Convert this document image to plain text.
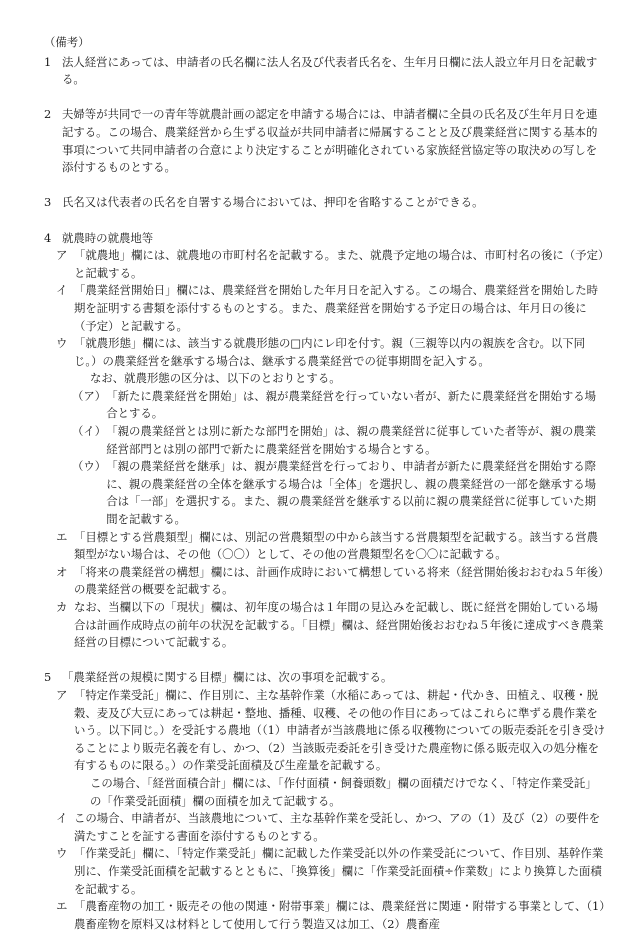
（備考）
1 法人経営にあっては、申請者の氏名欄に法人名及び代表者氏名を、生年月日欄に法人設立年月日を記載する。
2 夫婦等が共同で一の青年等就農計画の認定を申請する場合には、申請者欄に全員の氏名及び生年月日を連記する。この場合、農業経営から生ずる収益が共同申請者に帰属することと及び農業経営に関する基本的事項について共同申請者の合意により決定することが明確化されている家族経営協定等の取決めの写しを添付するものとする。
3 氏名又は代表者の氏名を自署する場合においては、押印を省略することができる。
4 就農時の就農地等
ア 「就農地」欄には、就農地の市町村名を記載する。また、就農予定地の場合は、市町村名の後に（予定）と記載する。
イ 「農業経営開始日」欄には、農業経営を開始した年月日を記入する。この場合、農業経営を開始した時期を証明する書類を添付するものとする。また、農業経営を開始する予定日の場合は、年月日の後に（予定）と記載する。
ウ 「就農形態」欄には、該当する就農形態の□内にレ印を付す。親（三親等以内の親族を含む。以下同じ。）の農業経営を継承する場合は、継承する農業経営での従事期間を記入する。
なお、就農形態の区分は、以下のとおりとする。
（ア） 「新たに農業経営を開始」は、親が農業経営を行っていない者が、新たに農業経営を開始する場合とする。
（イ） 「親の農業経営とは別に新たな部門を開始」は、親の農業経営に従事していた者等が、親の農業経営部門とは別の部門で新たに農業経営を開始する場合とする。
（ウ） 「親の農業経営を継承」は、親が農業経営を行っており、申請者が新たに農業経営を開始する際に、親の農業経営の全体を継承する場合は「全体」を選択し、親の農業経営の一部を継承する場合は「一部」を選択する。また、親の農業経営を継承する以前に親の農業経営に従事していた期間を記載する。
エ 「目標とする営農類型」欄には、別記の営農類型の中から該当する営農類型を記載する。該当する営農類型がない場合は、その他（〇〇）として、その他の営農類型名を〇〇に記載する。
オ 「将来の農業経営の構想」欄には、計画作成時において構想している将来（経営開始後おおむね５年後）の農業経営の概要を記載する。
カ なお、当欄以下の「現状」欄は、初年度の場合は１年間の見込みを記載し、既に経営を開始している場合は計画作成時点の前年の状況を記載する。「目標」欄は、経営開始後おおむね５年後に達成すべき農業経営の目標について記載する。
5 「農業経営の規模に関する目標」欄には、次の事項を記載する。
ア 「特定作業受託」欄に、作目別に、主な基幹作業（水稲にあっては、耕起・代かき、田植え、収穫・脱穀、麦及び大豆にあっては耕起・整地、播種、収穫、その他の作目にあってはこれらに準ずる農作業をいう。以下同じ。）を受託する農地（（1）申請者が当該農地に係る収穫物についての販売委託を引き受けることにより販売名義を有し、かつ、（2）当該販売委託を引き受けた農産物に係る販売収入の処分権を有するものに限る。）の作業受託面積及び生産量を記載する。
この場合、「経営面積合計」欄には、「作付面積・飼養頭数」欄の面積だけでなく、「特定作業受託」の「作業受託面積」欄の面積を加えて記載する。
イ この場合、申請者が、当該農地について、主な基幹作業を受託し、かつ、アの（1）及び（2）の要件を満たすことを証する書面を添付するものとする。
ウ 「作業受託」欄に、「特定作業受託」欄に記載した作業受託以外の作業受託について、作目別、基幹作業別に、作業受託面積を記載するとともに、「換算後」欄に「作業受託面積÷作業数」により換算した面積を記載する。
エ 「農畜産物の加工・販売その他の関連・附帯事業」欄には、農業経営に関連・附帯する事業として、（1）農畜産物を原料又は材料として使用して行う製造又は加工、（2）農畜産
